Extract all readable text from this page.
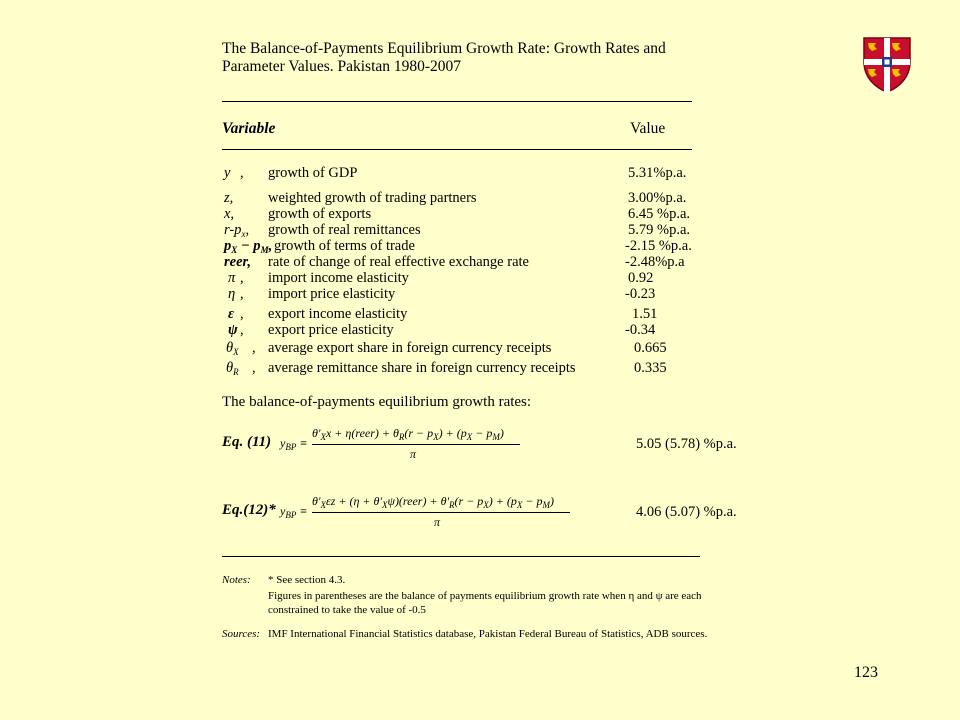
The Balance-of-Payments Equilibrium Growth Rate: Growth Rates and
Parameter Values. Pakistan 1980-2007
Variable	Value
y , growth of GDP	5.31%p.a.
z, weighted growth of trading partners	3.00%p.a.
x, growth of exports	6.45 %p.a.
$r-p_x$, growth of real remittances	5.79 %p.a.
$p_X - p_M$, growth of terms of trade	-2.15 %p.a.
reer, rate of change of real effective exchange rate	-2.48%p.a
π , import income elasticity	0.92
η , import price elasticity	-0.23
ε , export income elasticity	1.51
ψ , export price elasticity	-0.34
$\theta_X$ , average export share in foreign currency receipts	0.665
$\theta_R$ , average remittance share in foreign currency receipts	0.335
The balance-of-payments equilibrium growth rates:
Eq. (11) $y_{BP}$ ≡
$\theta'_Xx$ + η(reer) + $\theta_R(r - p_X) + (p_X - p_M)$
π
5.05 (5.78) %p.a.
Eq.(12)* $y_{BP}$ ≡
$\theta'_X\varepsilon z + (\eta$ + $\theta'_X\psi)(reer) + \theta'_R(r - p_X) + (p_X - p_M)$
π
4.06 (5.07) %p.a.
Notes: * See section 4.3.
Figures in parentheses are the balance of payments equilibrium growth rate when η and ψ are each
constrained to take the value of -0.5
Sources: IMF International Financial Statistics database, Pakistan Federal Bureau of Statistics, ADB sources.
123
